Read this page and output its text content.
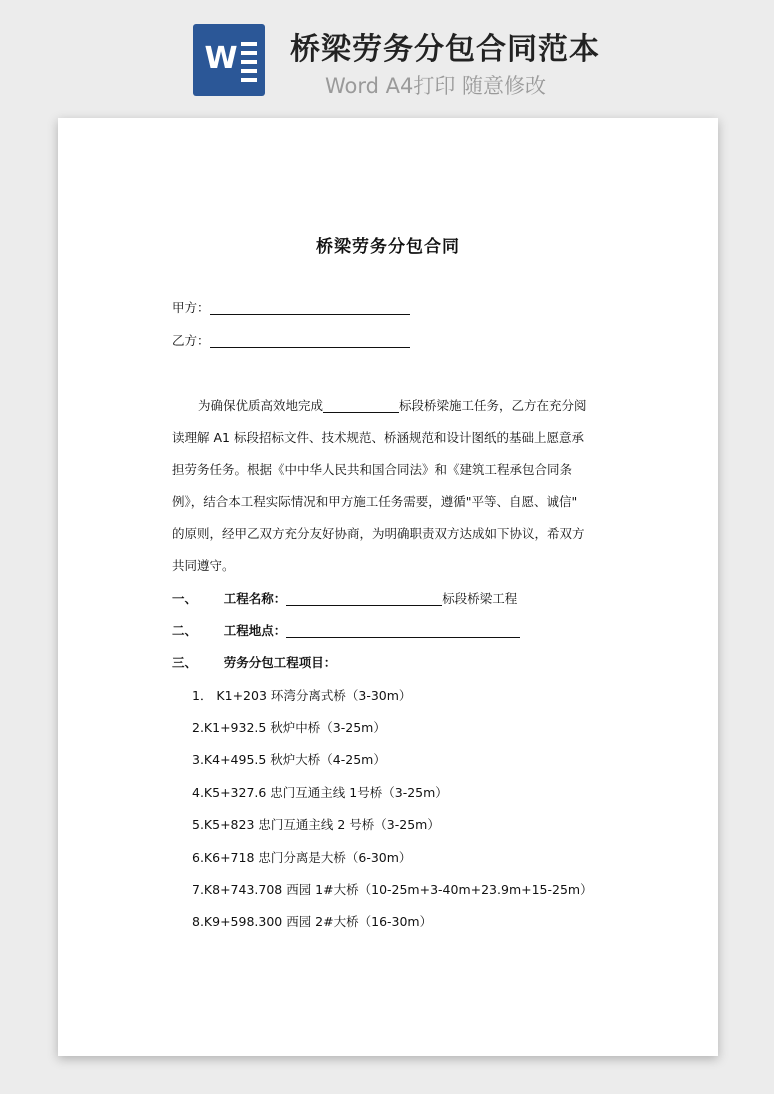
W 桥梁劳务分包合同范本
Word A4打印 随意修改
桥梁劳务分包合同
甲方：
乙方：
为确保优质高效地完成	标段桥梁施工任务，乙方在充分阅
读理解 A1 标段招标文件、技术规范、桥涵规范和设计图纸的基础上愿意承
担劳务任务。根据《中中华人民共和国合同法》和《建筑工程承包合同条
例》，结合本工程实际情况和甲方施工任务需要，遵循"平等、自愿、诚信"
的原则，经甲乙双方充分友好协商，为明确职责双方达成如下协议，希双方
共同遵守。
一、 工程名称：	标段桥梁工程
二、 工程地点：
三、 劳务分包工程项目：
1． K1+203 环湾分离式桥（3-30m）
2.K1+932.5 秋炉中桥（3-25m）
3.K4+495.5 秋炉大桥（4-25m）
4.K5+327.6 忠门互通主线 1号桥（3-25m）
5.K5+823 忠门互通主线 2 号桥（3-25m）
6.K6+718 忠门分离是大桥（6-30m）
7.K8+743.708 西园 1#大桥（10-25m+3-40m+23.9m+15-25m）
8.K9+598.300 西园 2#大桥（16-30m）
